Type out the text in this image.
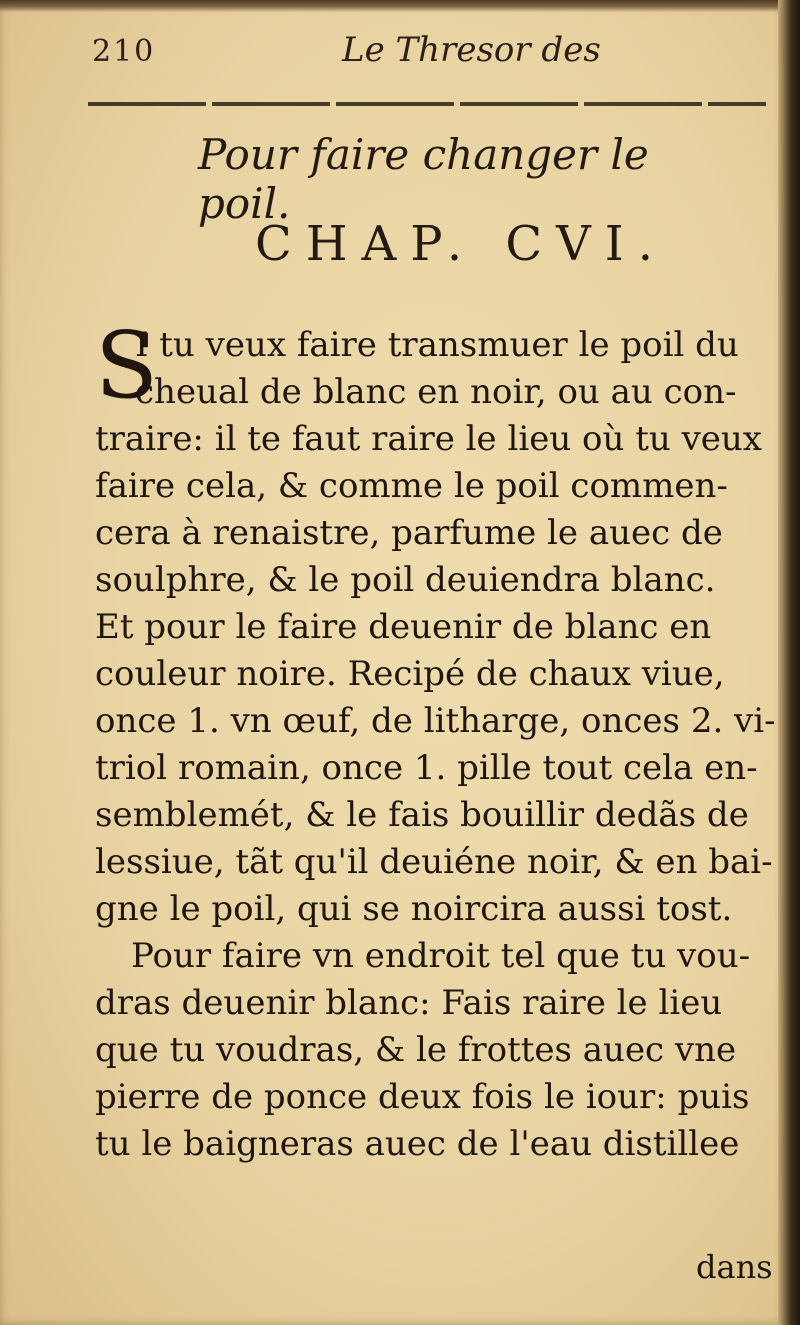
210	Le Thresor des
Pour faire changer le poil.
CHAP. CVI.
S
I tu veux faire transmuer le poil du
cheual de blanc en noir, ou au con-
traire: il te faut raire le lieu où tu veux
faire cela, & comme le poil commen-
cera à renaistre, parfume le auec de
soulphre, & le poil deuiendra blanc.
Et pour le faire deuenir de blanc en
couleur noire. Recipé de chaux viue,
once 1. vn œuf, de litharge, onces 2. vi-
triol romain, once 1. pille tout cela en-
semblemét, & le fais bouillir dedãs de
lessiue, tãt qu'il deuiéne noir, & en bai-
gne le poil, qui se noircira aussi tost.
Pour faire vn endroit tel que tu vou-
dras deuenir blanc: Fais raire le lieu
que tu voudras, & le frottes auec vne
pierre de ponce deux fois le iour: puis
tu le baigneras auec de l'eau distillee
dans
